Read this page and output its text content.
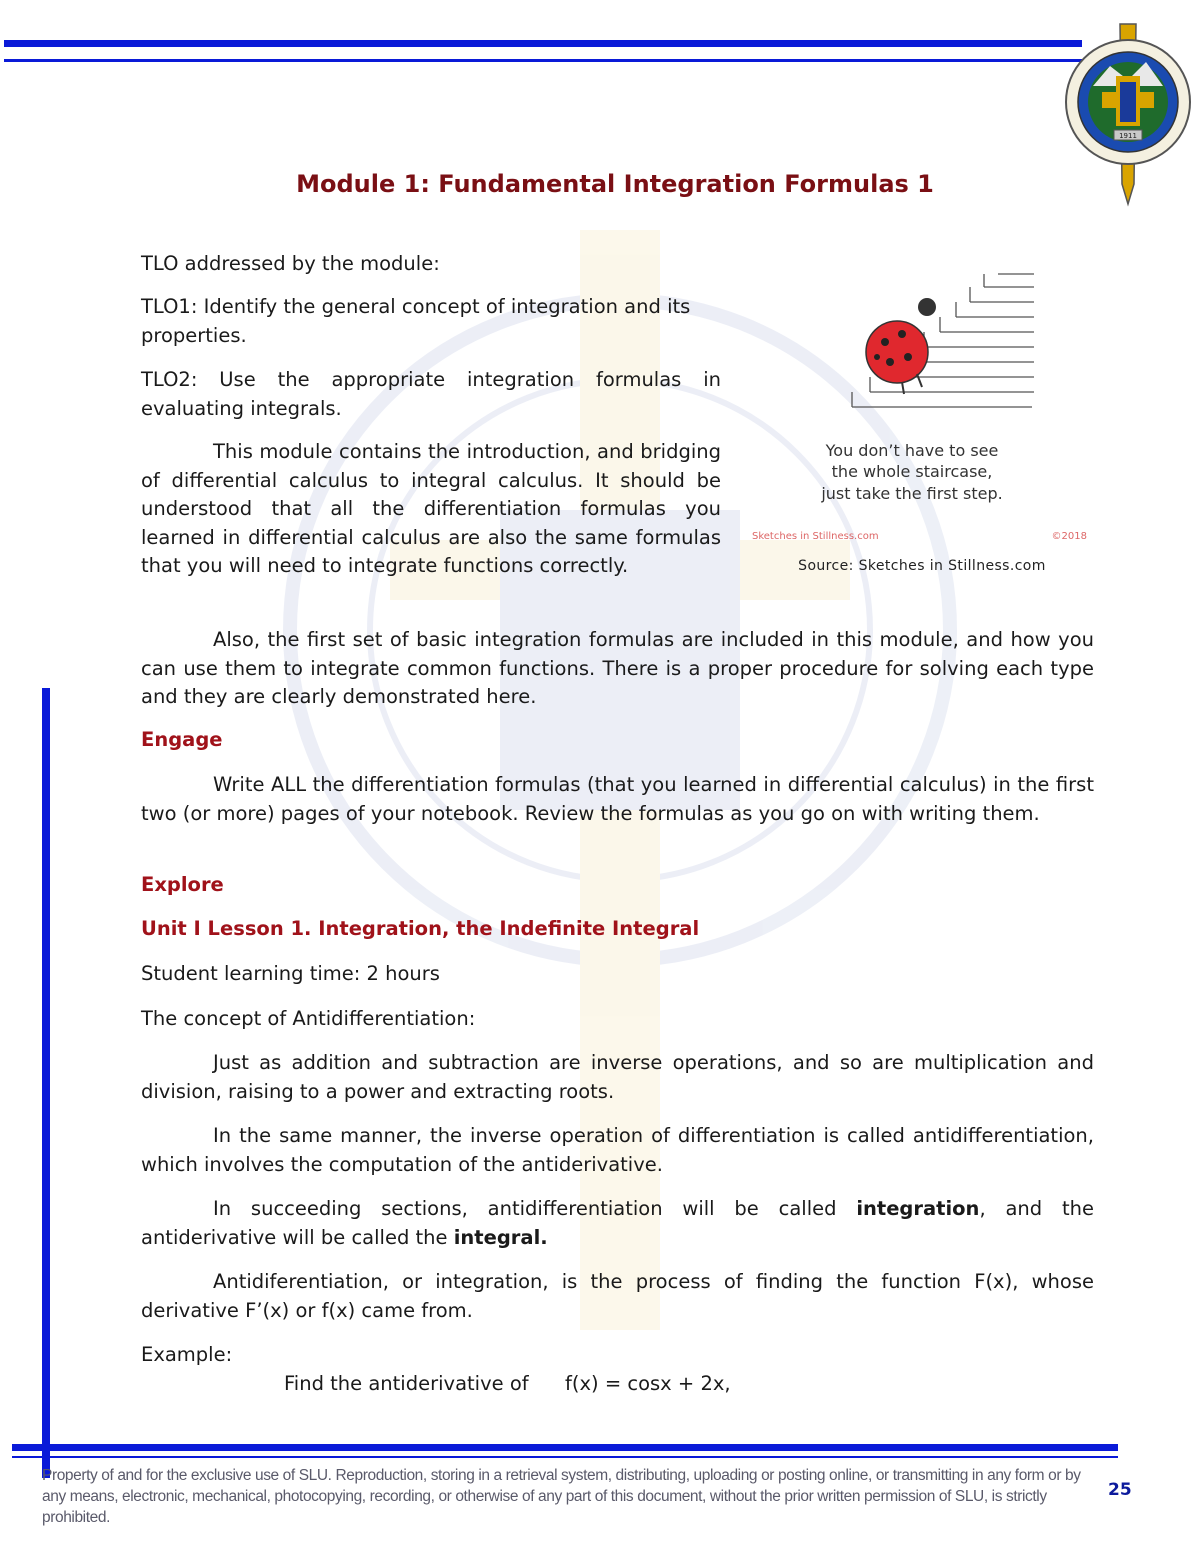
1911
Module 1: Fundamental Integration Formulas 1
TLO addressed by the module:
TLO1: Identify the general concept of integration and its properties.
TLO2: Use the appropriate integration formulas in evaluating integrals.
This module contains the introduction, and bridging of differential calculus to integral calculus. It should be understood that all the differentiation formulas you learned in differential calculus are also the same formulas that you will need to integrate functions correctly.
You don’t have to see
the whole staircase,
just take the first step.
Sketches in Stillness.com	©2018
Source: Sketches in Stillness.com
Also, the first set of basic integration formulas are included in this module, and how you can use them to integrate common functions. There is a proper procedure for solving each type and they are clearly demonstrated here.
Engage
Write ALL the differentiation formulas (that you learned in differential calculus) in the first two (or more) pages of your notebook. Review the formulas as you go on with writing them.
Explore
Unit I Lesson 1. Integration, the Indefinite Integral
Student learning time: 2 hours
The concept of Antidifferentiation:
Just as addition and subtraction are inverse operations, and so are multiplication and division, raising to a power and extracting roots.
In the same manner, the inverse operation of differentiation is called antidifferentiation, which involves the computation of the antiderivative.
In succeeding sections, antidifferentiation will be called integration, and the antiderivative will be called the integral.
Antidiferentiation, or integration, is the process of finding the function F(x), whose derivative F’(x) or f(x) came from.
Example:
Find the antiderivative of f(x) = cosx + 2x,
Property of and for the exclusive use of SLU. Reproduction, storing in a retrieval system, distributing, uploading or posting online, or transmitting in any form or by any means, electronic, mechanical, photocopying, recording, or otherwise of any part of this document, without the prior written permission of SLU, is strictly prohibited.
25
